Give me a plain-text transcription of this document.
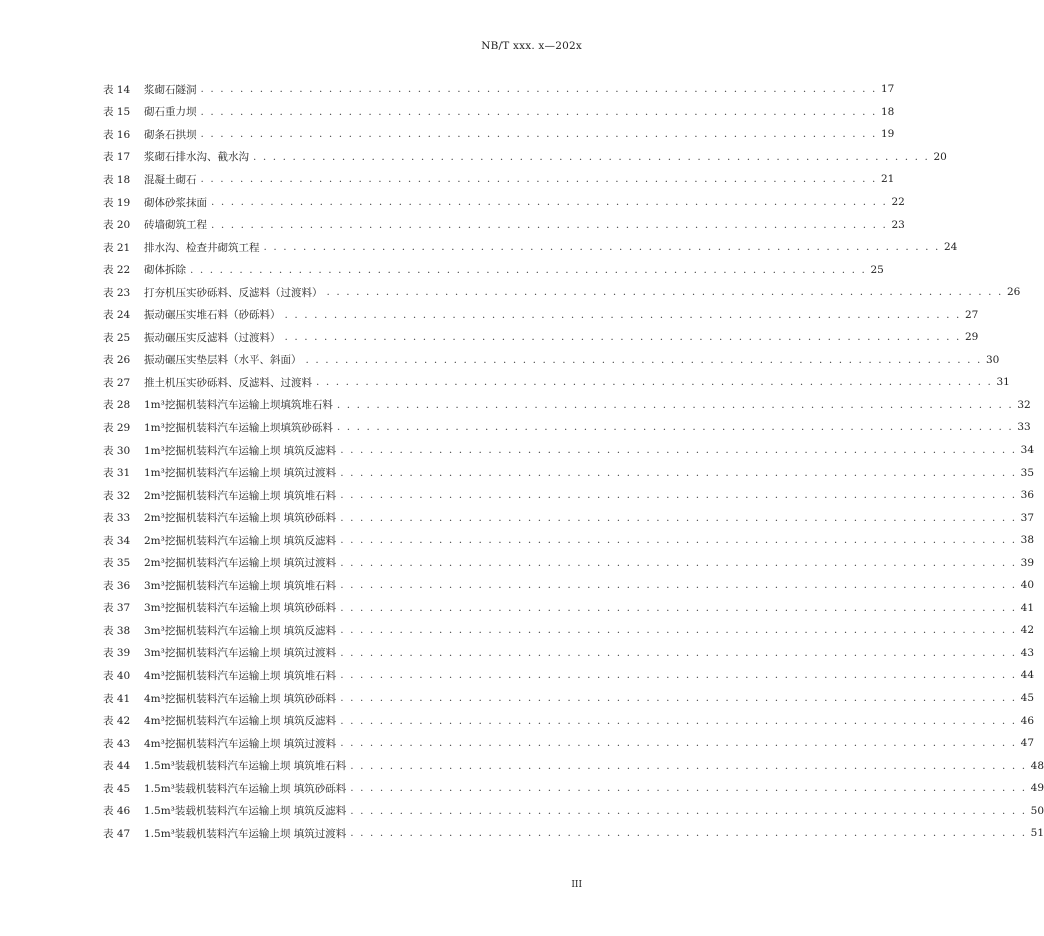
NB/T xxx. x—202x
表 14	浆砌石隧洞 . . . . . . . . . . . . . . . . . . . . . . . . . . . . . . . . . . . . . . . . . . . . . . . . . . . . . . . . . . . . . . . . . . . . . 17
表 15	砌石重力坝 . . . . . . . . . . . . . . . . . . . . . . . . . . . . . . . . . . . . . . . . . . . . . . . . . . . . . . . . . . . . . . . . . . . . . 18
表 16	砌条石拱坝 . . . . . . . . . . . . . . . . . . . . . . . . . . . . . . . . . . . . . . . . . . . . . . . . . . . . . . . . . . . . . . . . . . . . . 19
表 17	浆砌石排水沟、截水沟 . . . . . . . . . . . . . . . . . . . . . . . . . . . . . . . . . . . . . . . . . . . . . . . . . . . . . . . . . . . . . . . . . . . . . 20
表 18	混凝土砌石 . . . . . . . . . . . . . . . . . . . . . . . . . . . . . . . . . . . . . . . . . . . . . . . . . . . . . . . . . . . . . . . . . . . . . 21
表 19	砌体砂浆抹面 . . . . . . . . . . . . . . . . . . . . . . . . . . . . . . . . . . . . . . . . . . . . . . . . . . . . . . . . . . . . . . . . . . . . . 22
表 20	砖墙砌筑工程 . . . . . . . . . . . . . . . . . . . . . . . . . . . . . . . . . . . . . . . . . . . . . . . . . . . . . . . . . . . . . . . . . . . . . 23
表 21	排水沟、检查井砌筑工程 . . . . . . . . . . . . . . . . . . . . . . . . . . . . . . . . . . . . . . . . . . . . . . . . . . . . . . . . . . . . . . . . . . . . . 24
表 22	砌体拆除 . . . . . . . . . . . . . . . . . . . . . . . . . . . . . . . . . . . . . . . . . . . . . . . . . . . . . . . . . . . . . . . . . . . . . 25
表 23	打夯机压实砂砾料、反滤料（过渡料） . . . . . . . . . . . . . . . . . . . . . . . . . . . . . . . . . . . . . . . . . . . . . . . . . . . . . . . . . . . . . . . . . . . . . 26
表 24	振动碾压实堆石料（砂砾料） . . . . . . . . . . . . . . . . . . . . . . . . . . . . . . . . . . . . . . . . . . . . . . . . . . . . . . . . . . . . . . . . . . . . . 27
表 25	振动碾压实反滤料（过渡料） . . . . . . . . . . . . . . . . . . . . . . . . . . . . . . . . . . . . . . . . . . . . . . . . . . . . . . . . . . . . . . . . . . . . . 29
表 26	振动碾压实垫层料（水平、斜面） . . . . . . . . . . . . . . . . . . . . . . . . . . . . . . . . . . . . . . . . . . . . . . . . . . . . . . . . . . . . . . . . . . . . . 30
表 27	推土机压实砂砾料、反滤料、过渡料 . . . . . . . . . . . . . . . . . . . . . . . . . . . . . . . . . . . . . . . . . . . . . . . . . . . . . . . . . . . . . . . . . . . . . 31
表 28	1m³挖掘机装料汽车运输上坝填筑堆石料 . . . . . . . . . . . . . . . . . . . . . . . . . . . . . . . . . . . . . . . . . . . . . . . . . . . . . . . . . . . . . . . . . . . . . 32
表 29	1m³挖掘机装料汽车运输上坝填筑砂砾料 . . . . . . . . . . . . . . . . . . . . . . . . . . . . . . . . . . . . . . . . . . . . . . . . . . . . . . . . . . . . . . . . . . . . . 33
表 30	1m³挖掘机装料汽车运输上坝 填筑反滤料 . . . . . . . . . . . . . . . . . . . . . . . . . . . . . . . . . . . . . . . . . . . . . . . . . . . . . . . . . . . . . . . . . . . . . 34
表 31	1m³挖掘机装料汽车运输上坝 填筑过渡料 . . . . . . . . . . . . . . . . . . . . . . . . . . . . . . . . . . . . . . . . . . . . . . . . . . . . . . . . . . . . . . . . . . . . . 35
表 32	2m³挖掘机装料汽车运输上坝 填筑堆石料 . . . . . . . . . . . . . . . . . . . . . . . . . . . . . . . . . . . . . . . . . . . . . . . . . . . . . . . . . . . . . . . . . . . . . 36
表 33	2m³挖掘机装料汽车运输上坝 填筑砂砾料 . . . . . . . . . . . . . . . . . . . . . . . . . . . . . . . . . . . . . . . . . . . . . . . . . . . . . . . . . . . . . . . . . . . . . 37
表 34	2m³挖掘机装料汽车运输上坝 填筑反滤料 . . . . . . . . . . . . . . . . . . . . . . . . . . . . . . . . . . . . . . . . . . . . . . . . . . . . . . . . . . . . . . . . . . . . . 38
表 35	2m³挖掘机装料汽车运输上坝 填筑过渡料 . . . . . . . . . . . . . . . . . . . . . . . . . . . . . . . . . . . . . . . . . . . . . . . . . . . . . . . . . . . . . . . . . . . . . 39
表 36	3m³挖掘机装料汽车运输上坝 填筑堆石料 . . . . . . . . . . . . . . . . . . . . . . . . . . . . . . . . . . . . . . . . . . . . . . . . . . . . . . . . . . . . . . . . . . . . . 40
表 37	3m³挖掘机装料汽车运输上坝 填筑砂砾料 . . . . . . . . . . . . . . . . . . . . . . . . . . . . . . . . . . . . . . . . . . . . . . . . . . . . . . . . . . . . . . . . . . . . . 41
表 38	3m³挖掘机装料汽车运输上坝 填筑反滤料 . . . . . . . . . . . . . . . . . . . . . . . . . . . . . . . . . . . . . . . . . . . . . . . . . . . . . . . . . . . . . . . . . . . . . 42
表 39	3m³挖掘机装料汽车运输上坝 填筑过渡料 . . . . . . . . . . . . . . . . . . . . . . . . . . . . . . . . . . . . . . . . . . . . . . . . . . . . . . . . . . . . . . . . . . . . . 43
表 40	4m³挖掘机装料汽车运输上坝 填筑堆石料 . . . . . . . . . . . . . . . . . . . . . . . . . . . . . . . . . . . . . . . . . . . . . . . . . . . . . . . . . . . . . . . . . . . . . 44
表 41	4m³挖掘机装料汽车运输上坝 填筑砂砾料 . . . . . . . . . . . . . . . . . . . . . . . . . . . . . . . . . . . . . . . . . . . . . . . . . . . . . . . . . . . . . . . . . . . . . 45
表 42	4m³挖掘机装料汽车运输上坝 填筑反滤料 . . . . . . . . . . . . . . . . . . . . . . . . . . . . . . . . . . . . . . . . . . . . . . . . . . . . . . . . . . . . . . . . . . . . . 46
表 43	4m³挖掘机装料汽车运输上坝 填筑过渡料 . . . . . . . . . . . . . . . . . . . . . . . . . . . . . . . . . . . . . . . . . . . . . . . . . . . . . . . . . . . . . . . . . . . . . 47
表 44	1.5m³装载机装料汽车运输上坝 填筑堆石料 . . . . . . . . . . . . . . . . . . . . . . . . . . . . . . . . . . . . . . . . . . . . . . . . . . . . . . . . . . . . . . . . . . . . . 48
表 45	1.5m³装载机装料汽车运输上坝 填筑砂砾料 . . . . . . . . . . . . . . . . . . . . . . . . . . . . . . . . . . . . . . . . . . . . . . . . . . . . . . . . . . . . . . . . . . . . . 49
表 46	1.5m³装载机装料汽车运输上坝 填筑反滤料 . . . . . . . . . . . . . . . . . . . . . . . . . . . . . . . . . . . . . . . . . . . . . . . . . . . . . . . . . . . . . . . . . . . . . 50
表 47	1.5m³装载机装料汽车运输上坝 填筑过渡料 . . . . . . . . . . . . . . . . . . . . . . . . . . . . . . . . . . . . . . . . . . . . . . . . . . . . . . . . . . . . . . . . . . . . . 51
III
